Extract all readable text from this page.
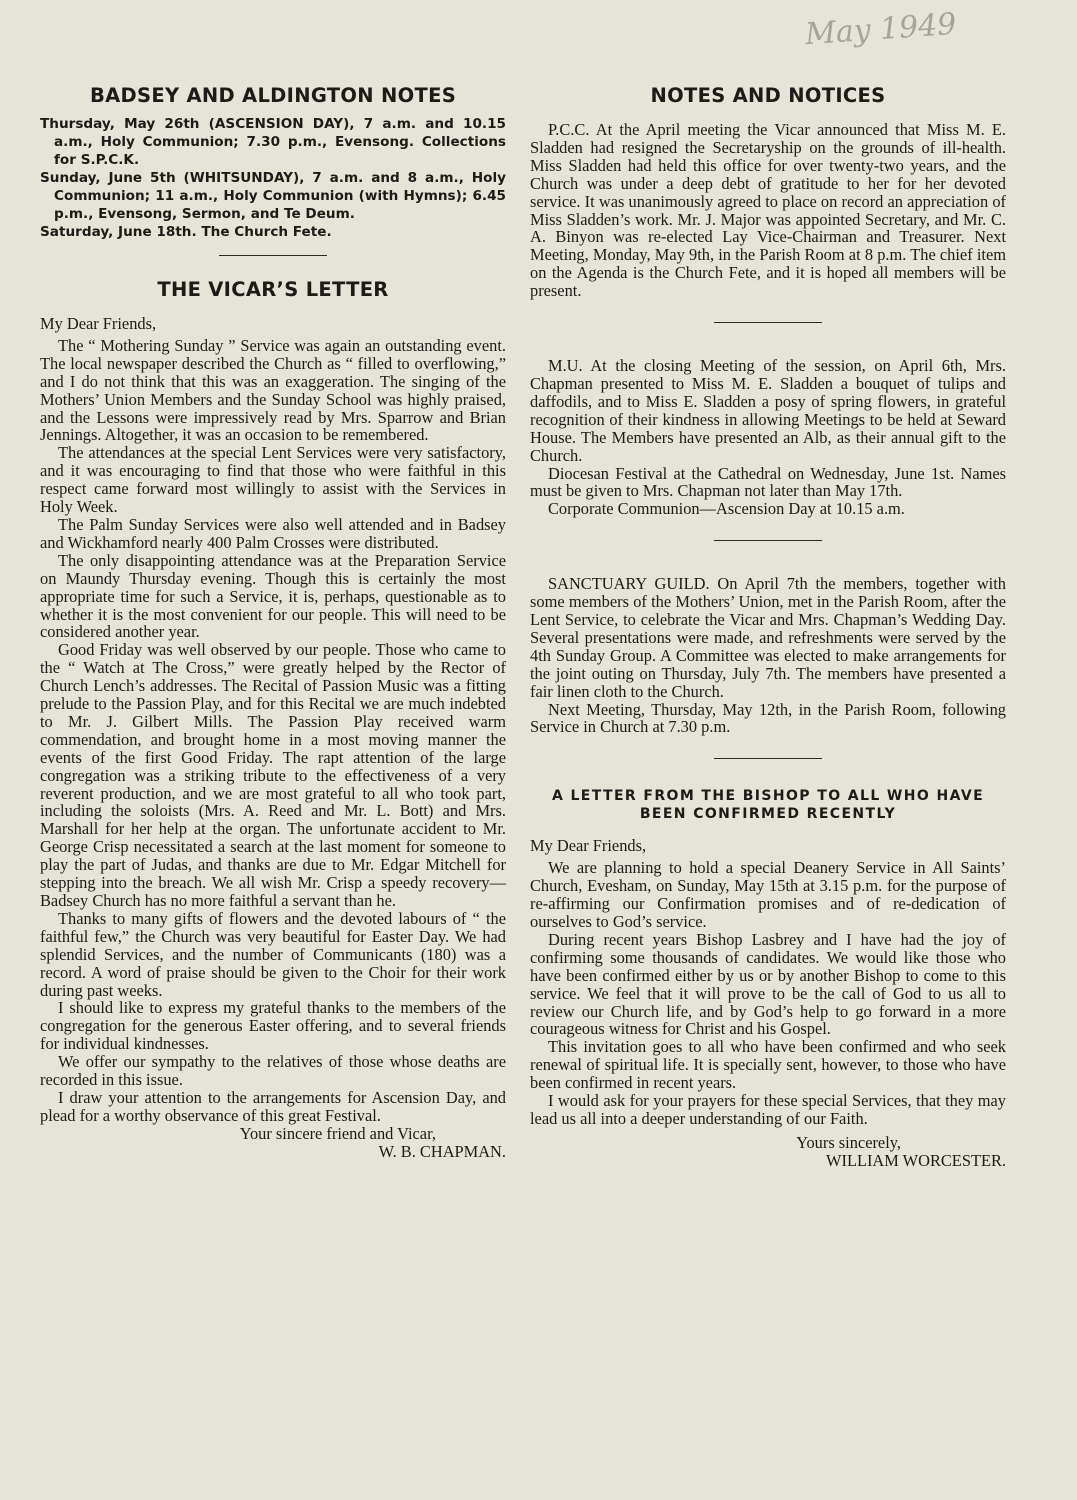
May 1949
BADSEY AND ALDINGTON NOTES
Thursday, May 26th (ASCENSION DAY), 7 a.m. and 10.15 a.m., Holy Communion; 7.30 p.m., Evensong. Collections for S.P.C.K.
Sunday, June 5th (WHITSUNDAY), 7 a.m. and 8 a.m., Holy Communion; 11 a.m., Holy Communion (with Hymns); 6.45 p.m., Evensong, Sermon, and Te Deum.
Saturday, June 18th. The Church Fete.
THE VICAR’S LETTER

My Dear Friends,

The “ Mothering Sunday ” Service was again an outstanding event. The local newspaper described the Church as “ filled to overflowing,” and I do not think that this was an exaggeration. The singing of the Mothers’ Union Members and the Sunday School was highly praised, and the Lessons were impressively read by Mrs. Sparrow and Brian Jennings. Altogether, it was an occasion to be remembered.

The attendances at the special Lent Services were very satisfactory, and it was encouraging to find that those who were faithful in this respect came forward most willingly to assist with the Services in Holy Week.

The Palm Sunday Services were also well attended and in Badsey and Wickhamford nearly 400 Palm Crosses were distributed.

The only disappointing attendance was at the Preparation Service on Maundy Thursday evening. Though this is certainly the most appropriate time for such a Service, it is, perhaps, questionable as to whether it is the most convenient for our people. This will need to be considered another year.

Good Friday was well observed by our people. Those who came to the “ Watch at The Cross,” were greatly helped by the Rector of Church Lench’s addresses. The Recital of Passion Music was a fitting prelude to the Passion Play, and for this Recital we are much indebted to Mr. J. Gilbert Mills. The Passion Play received warm commendation, and brought home in a most moving manner the events of the first Good Friday. The rapt attention of the large congregation was a striking tribute to the effectiveness of a very reverent production, and we are most grateful to all who took part, including the soloists (Mrs. A. Reed and Mr. L. Bott) and Mrs. Marshall for her help at the organ. The unfortunate accident to Mr. George Crisp necessitated a search at the last moment for someone to play the part of Judas, and thanks are due to Mr. Edgar Mitchell for stepping into the breach. We all wish Mr. Crisp a speedy recovery—Badsey Church has no more faithful a servant than he.

Thanks to many gifts of flowers and the devoted labours of “ the faithful few,” the Church was very beautiful for Easter Day. We had splendid Services, and the number of Communicants (180) was a record. A word of praise should be given to the Choir for their work during past weeks.

I should like to express my grateful thanks to the members of the congregation for the generous Easter offering, and to several friends for individual kindnesses.

We offer our sympathy to the relatives of those whose deaths are recorded in this issue.

I draw your attention to the arrangements for Ascension Day, and plead for a worthy observance of this great Festival.

Your sincere friend and Vicar,

W. B. CHAPMAN.

NOTES AND NOTICES

P.C.C. At the April meeting the Vicar announced that Miss M. E. Sladden had resigned the Secretaryship on the grounds of ill-health. Miss Sladden had held this office for over twenty-two years, and the Church was under a deep debt of gratitude to her for her devoted service. It was unanimously agreed to place on record an appreciation of Miss Sladden’s work. Mr. J. Major was appointed Secretary, and Mr. C. A. Binyon was re-elected Lay Vice-Chairman and Treasurer. Next Meeting, Monday, May 9th, in the Parish Room at 8 p.m. The chief item on the Agenda is the Church Fete, and it is hoped all members will be present.

M.U. At the closing Meeting of the session, on April 6th, Mrs. Chapman presented to Miss M. E. Sladden a bouquet of tulips and daffodils, and to Miss E. Sladden a posy of spring flowers, in grateful recognition of their kindness in allowing Meetings to be held at Seward House. The Members have presented an Alb, as their annual gift to the Church.

Diocesan Festival at the Cathedral on Wednesday, June 1st. Names must be given to Mrs. Chapman not later than May 17th.

Corporate Communion—Ascension Day at 10.15 a.m.

SANCTUARY GUILD. On April 7th the members, together with some members of the Mothers’ Union, met in the Parish Room, after the Lent Service, to celebrate the Vicar and Mrs. Chapman’s Wedding Day. Several presentations were made, and refreshments were served by the 4th Sunday Group. A Committee was elected to make arrangements for the joint outing on Thursday, July 7th. The members have presented a fair linen cloth to the Church.

Next Meeting, Thursday, May 12th, in the Parish Room, following Service in Church at 7.30 p.m.

A LETTER FROM THE BISHOP TO ALL WHO HAVE BEEN CONFIRMED RECENTLY

My Dear Friends,

We are planning to hold a special Deanery Service in All Saints’ Church, Evesham, on Sunday, May 15th at 3.15 p.m. for the purpose of re-affirming our Confirmation promises and of re-dedication of ourselves to God’s service.

During recent years Bishop Lasbrey and I have had the joy of confirming some thousands of candidates. We would like those who have been confirmed either by us or by another Bishop to come to this service. We feel that it will prove to be the call of God to us all to review our Church life, and by God’s help to go forward in a more courageous witness for Christ and his Gospel.

This invitation goes to all who have been confirmed and who seek renewal of spiritual life. It is specially sent, however, to those who have been confirmed in recent years.

I would ask for your prayers for these special Services, that they may lead us all into a deeper understanding of our Faith.

Yours sincerely,

WILLIAM WORCESTER.
